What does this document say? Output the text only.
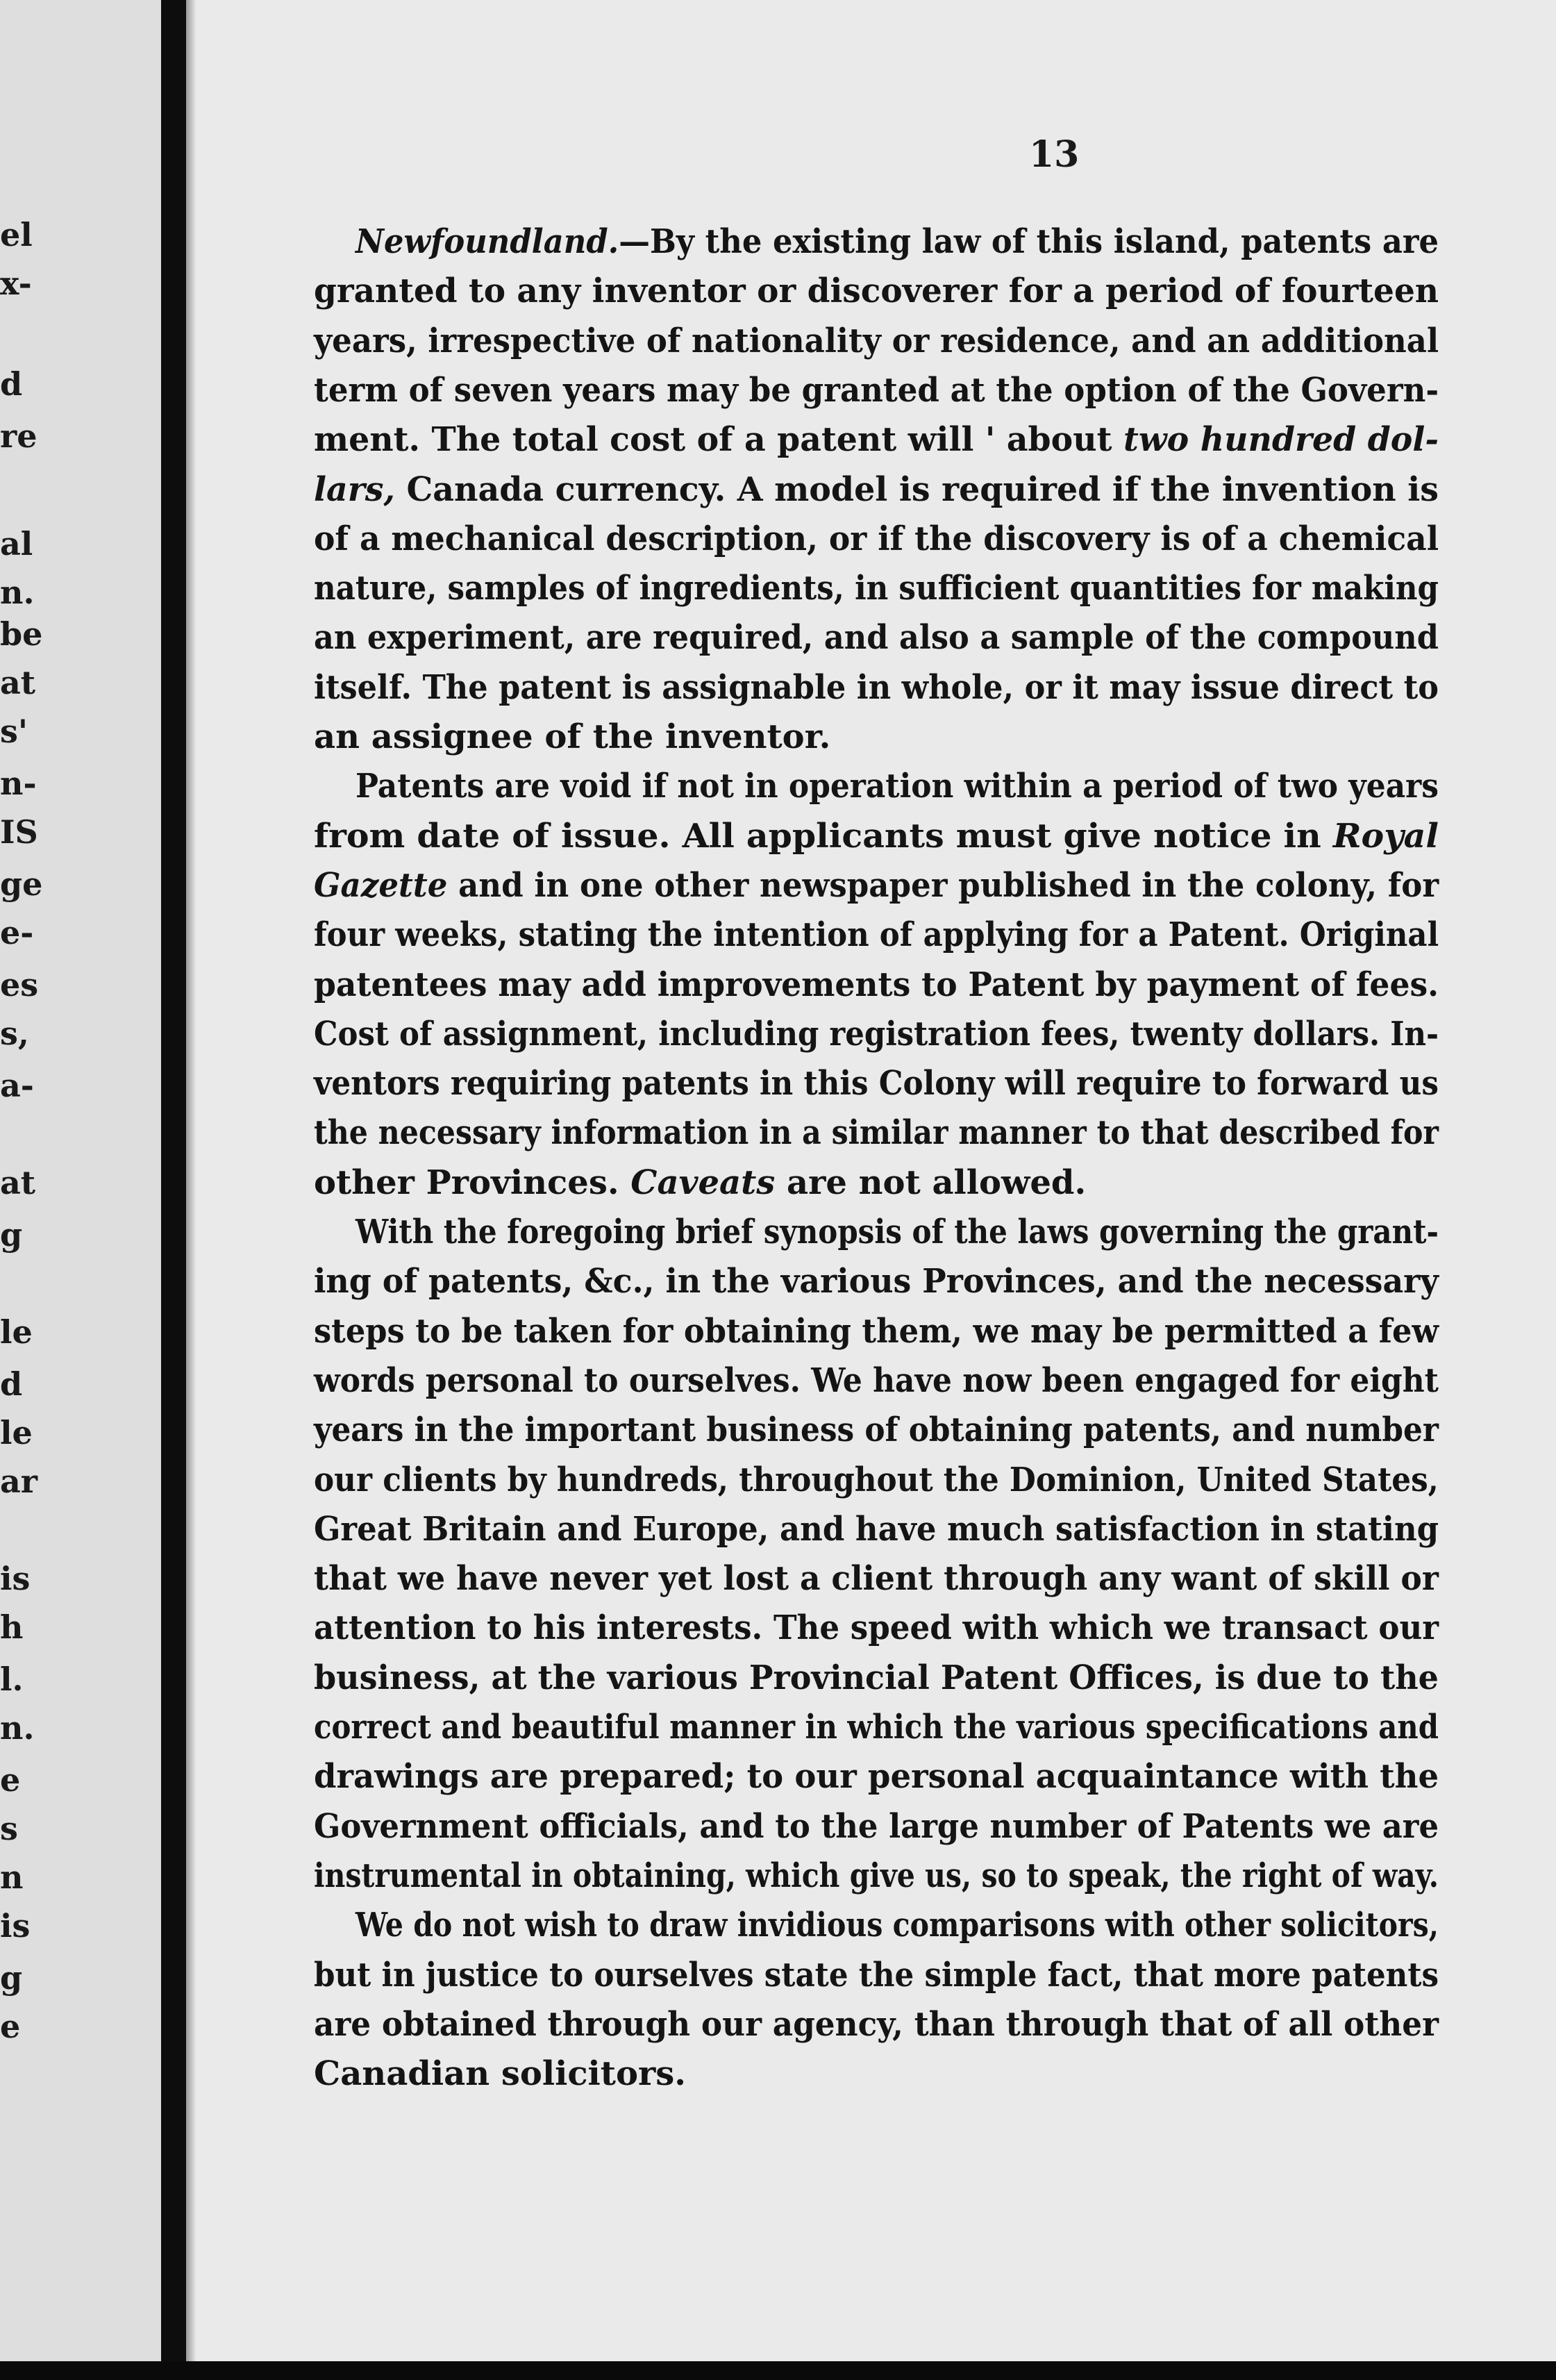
el
x-
d
re
al
n.
be
at
s'
n-
IS
ge
e-
es
s,
a-
at
g
le
d
le
ar
is
h
l.
n.
e
s
n
is
g
e
13
Newfoundland.—By the existing law of this island, patents are
granted to any inventor or discoverer for a period of fourteen
years, irrespective of nationality or residence, and an additional
term of seven years may be granted at the option of the Govern-
ment. The total cost of a patent will ' about two hundred dol-
lars, Canada currency. A model is required if the invention is
of a mechanical description, or if the discovery is of a chemical
nature, samples of ingredients, in sufficient quantities for making
an experiment, are required, and also a sample of the compound
itself. The patent is assignable in whole, or it may issue direct to
an assignee of the inventor.
Patents are void if not in operation within a period of two years
from date of issue. All applicants must give notice in Royal
Gazette and in one other newspaper published in the colony, for
four weeks, stating the intention of applying for a Patent. Original
patentees may add improvements to Patent by payment of fees.
Cost of assignment, including registration fees, twenty dollars. In-
ventors requiring patents in this Colony will require to forward us
the necessary information in a similar manner to that described for
other Provinces. Caveats are not allowed.
With the foregoing brief synopsis of the laws governing the grant-
ing of patents, &c., in the various Provinces, and the necessary
steps to be taken for obtaining them, we may be permitted a few
words personal to ourselves. We have now been engaged for eight
years in the important business of obtaining patents, and number
our clients by hundreds, throughout the Dominion, United States,
Great Britain and Europe, and have much satisfaction in stating
that we have never yet lost a client through any want of skill or
attention to his interests. The speed with which we transact our
business, at the various Provincial Patent Offices, is due to the
correct and beautiful manner in which the various specifications and
drawings are prepared; to our personal acquaintance with the
Government officials, and to the large number of Patents we are
instrumental in obtaining, which give us, so to speak, the right of way.
We do not wish to draw invidious comparisons with other solicitors,
but in justice to ourselves state the simple fact, that more patents
are obtained through our agency, than through that of all other
Canadian solicitors.
